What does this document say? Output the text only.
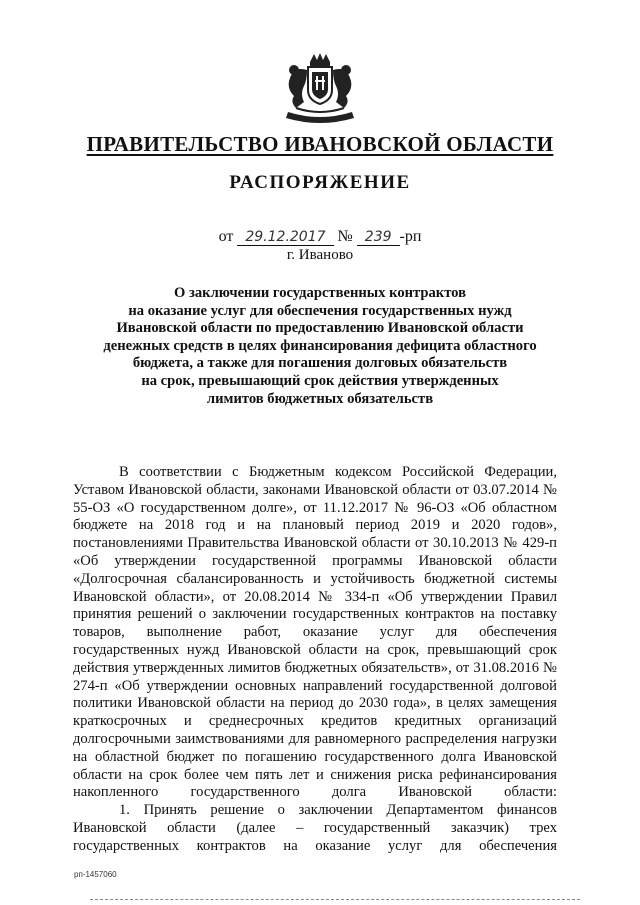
ПРАВИТЕЛЬСТВО ИВАНОВСКОЙ ОБЛАСТИ
РАСПОРЯЖЕНИЕ
от 29.12.2017 № 239 -рп
г. Иваново
О заключении государственных контрактов
на оказание услуг для обеспечения государственных нужд
Ивановской области по предоставлению Ивановской области
денежных средств в целях финансирования дефицита областного
бюджета, а также для погашения долговых обязательств
на срок, превышающий срок действия утвержденных
лимитов бюджетных обязательств

В соответствии с Бюджетным кодексом Российской Федерации, Уставом Ивановской области, законами Ивановской области от 03.07.2014 № 55-ОЗ «О государственном долге», от 11.12.2017 № 96-ОЗ «Об областном бюджете на 2018 год и на плановый период 2019 и 2020 годов», постановлениями Правительства Ивановской области от 30.10.2013 № 429-п «Об утверждении государственной программы Ивановской области «Долгосрочная сбалансированность и устойчивость бюджетной системы Ивановской области», от 20.08.2014 № 334-п «Об утверждении Правил принятия решений о заключении государственных контрактов на поставку товаров, выполнение работ, оказание услуг для обеспечения государственных нужд Ивановской области на срок, превышающий срок действия утвержденных лимитов бюджетных обязательств», от 31.08.2016 № 274-п «Об утверждении основных направлений государственной долговой политики Ивановской области на период до 2030 года», в целях замещения краткосрочных и среднесрочных кредитов кредитных организаций долгосрочными заимствованиями для равномерного распределения нагрузки на областной бюджет по погашению государственного долга Ивановской области на срок более чем пять лет и снижения риска рефинансирования накопленного государственного долга Ивановской области:

1. Принять решение о заключении Департаментом финансов Ивановской области (далее – государственный заказчик) трех государственных контрактов на оказание услуг для обеспечения

рп-1457060
